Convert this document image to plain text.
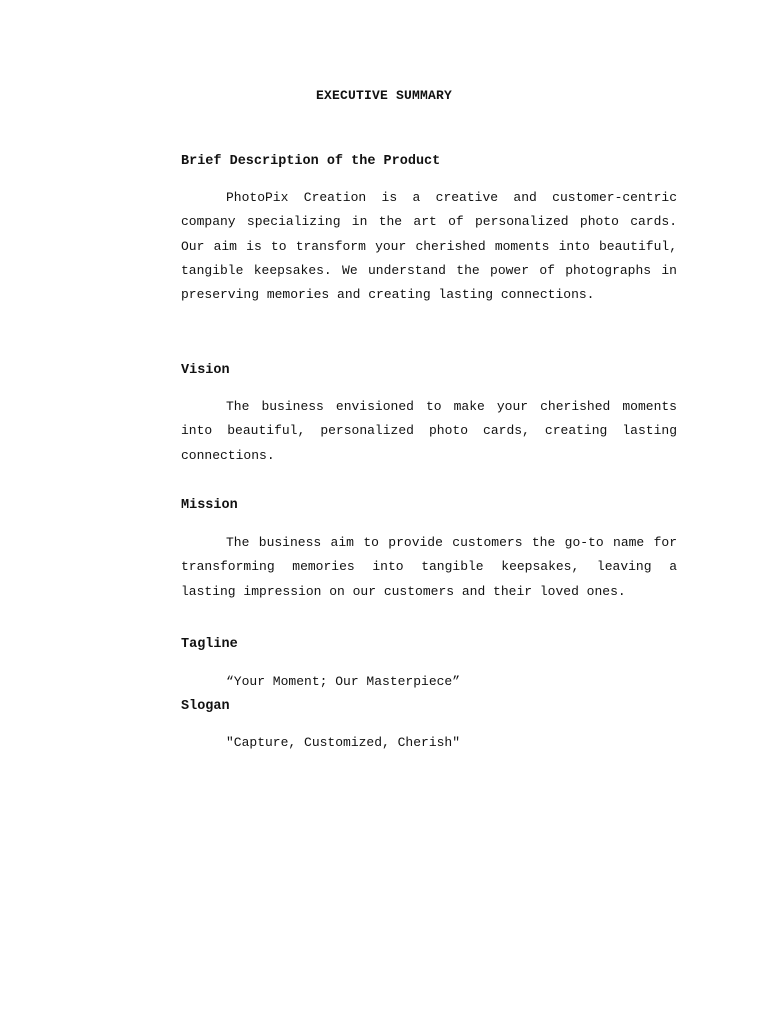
EXECUTIVE SUMMARY
Brief Description of the Product

PhotoPix Creation is a creative and customer-centric company specializing in the art of personalized photo cards. Our aim is to transform your cherished moments into beautiful, tangible keepsakes. We understand the power of photographs in preserving memories and creating lasting connections.

Vision

The business envisioned to make your cherished moments into beautiful, personalized photo cards, creating lasting connections.

Mission

The business aim to provide customers the go-to name for transforming memories into tangible keepsakes, leaving a lasting impression on our customers and their loved ones.

Tagline

“Your Moment; Our Masterpiece”

Slogan

"Capture, Customized, Cherish"
